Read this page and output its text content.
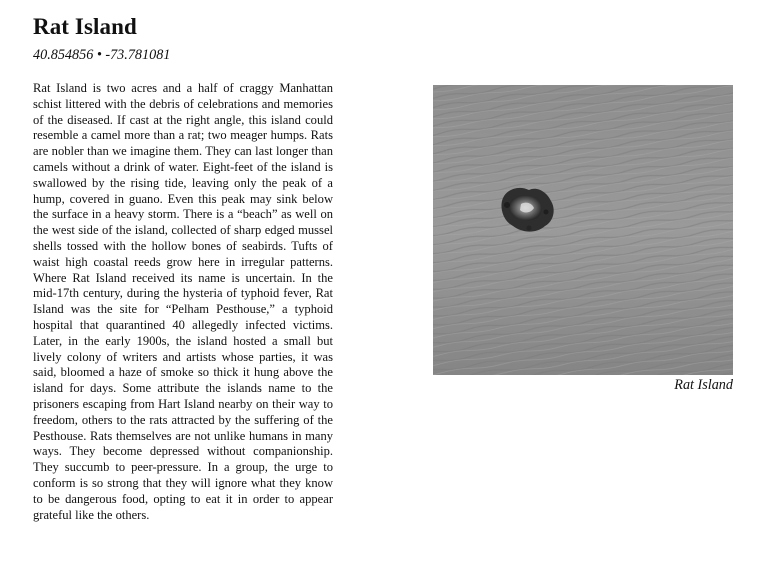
Rat Island
40.854856 • -73.781081

Rat Island is two acres and a half of craggy Manhattan schist littered with the debris of celebrations and memories of the diseased. If cast at the right angle, this island could resemble a camel more than a rat; two meager humps. Rats are nobler than we imagine them. They can last longer than camels without a drink of water. Eight-feet of the island is swallowed by the rising tide, leaving only the peak of a hump, covered in guano. Even this peak may sink below the surface in a heavy storm. There is a “beach” as well on the west side of the island, collected of sharp edged mussel shells tossed with the hollow bones of seabirds. Tufts of waist high coastal reeds grow here in irregular patterns. Where Rat Island received its name is uncertain. In the mid-17th century, during the hysteria of typhoid fever, Rat Island was the site for “Pelham Pesthouse,” a typhoid hospital that quarantined 40 allegedly infected victims. Later, in the early 1900s, the island hosted a small but lively colony of writers and artists whose parties, it was said, bloomed a haze of smoke so thick it hung above the island for days. Some attribute the islands name to the prisoners escaping from Hart Island nearby on their way to freedom, others to the rats attracted by the suffering of the Pesthouse. Rats themselves are not unlike humans in many ways. They become depressed without companionship. They succumb to peer-pressure. In a group, the urge to conform is so strong that they will ignore what they know to be dangerous food, opting to eat it in order to appear grateful like the others.

Rat Island
